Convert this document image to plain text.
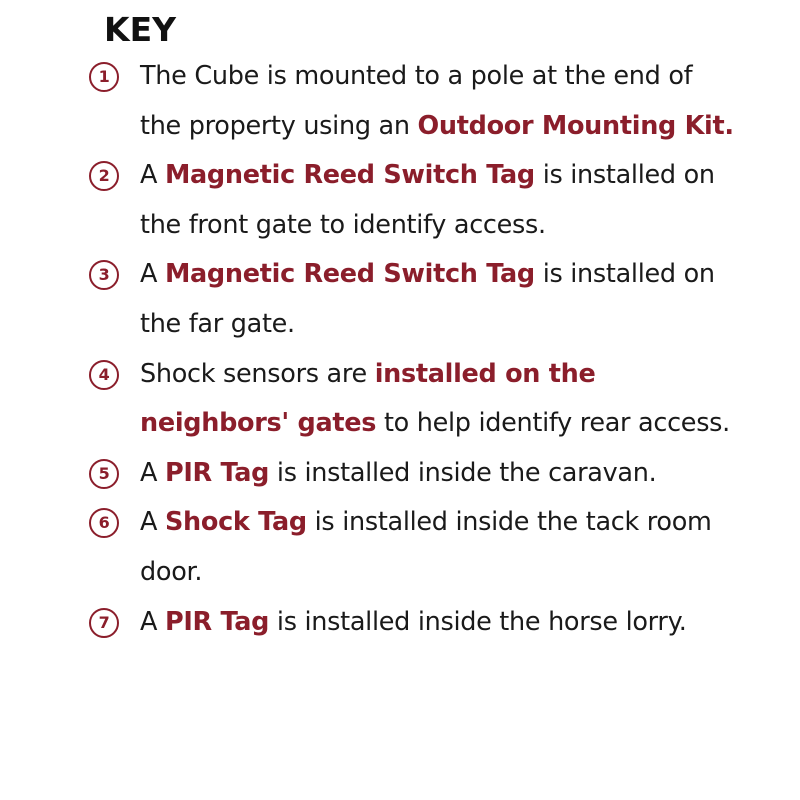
KEY
1	The Cube is mounted to a pole at the end of the property using an Outdoor Mounting Kit.
2	A Magnetic Reed Switch Tag is installed on the front gate to identify access.
3	A Magnetic Reed Switch Tag is installed on the far gate.
4	Shock sensors are installed on the neighbors' gates to help identify rear access.
5	A PIR Tag is installed inside the caravan.
6	A Shock Tag is installed inside the tack room door.
7	A PIR Tag is installed inside the horse lorry.
